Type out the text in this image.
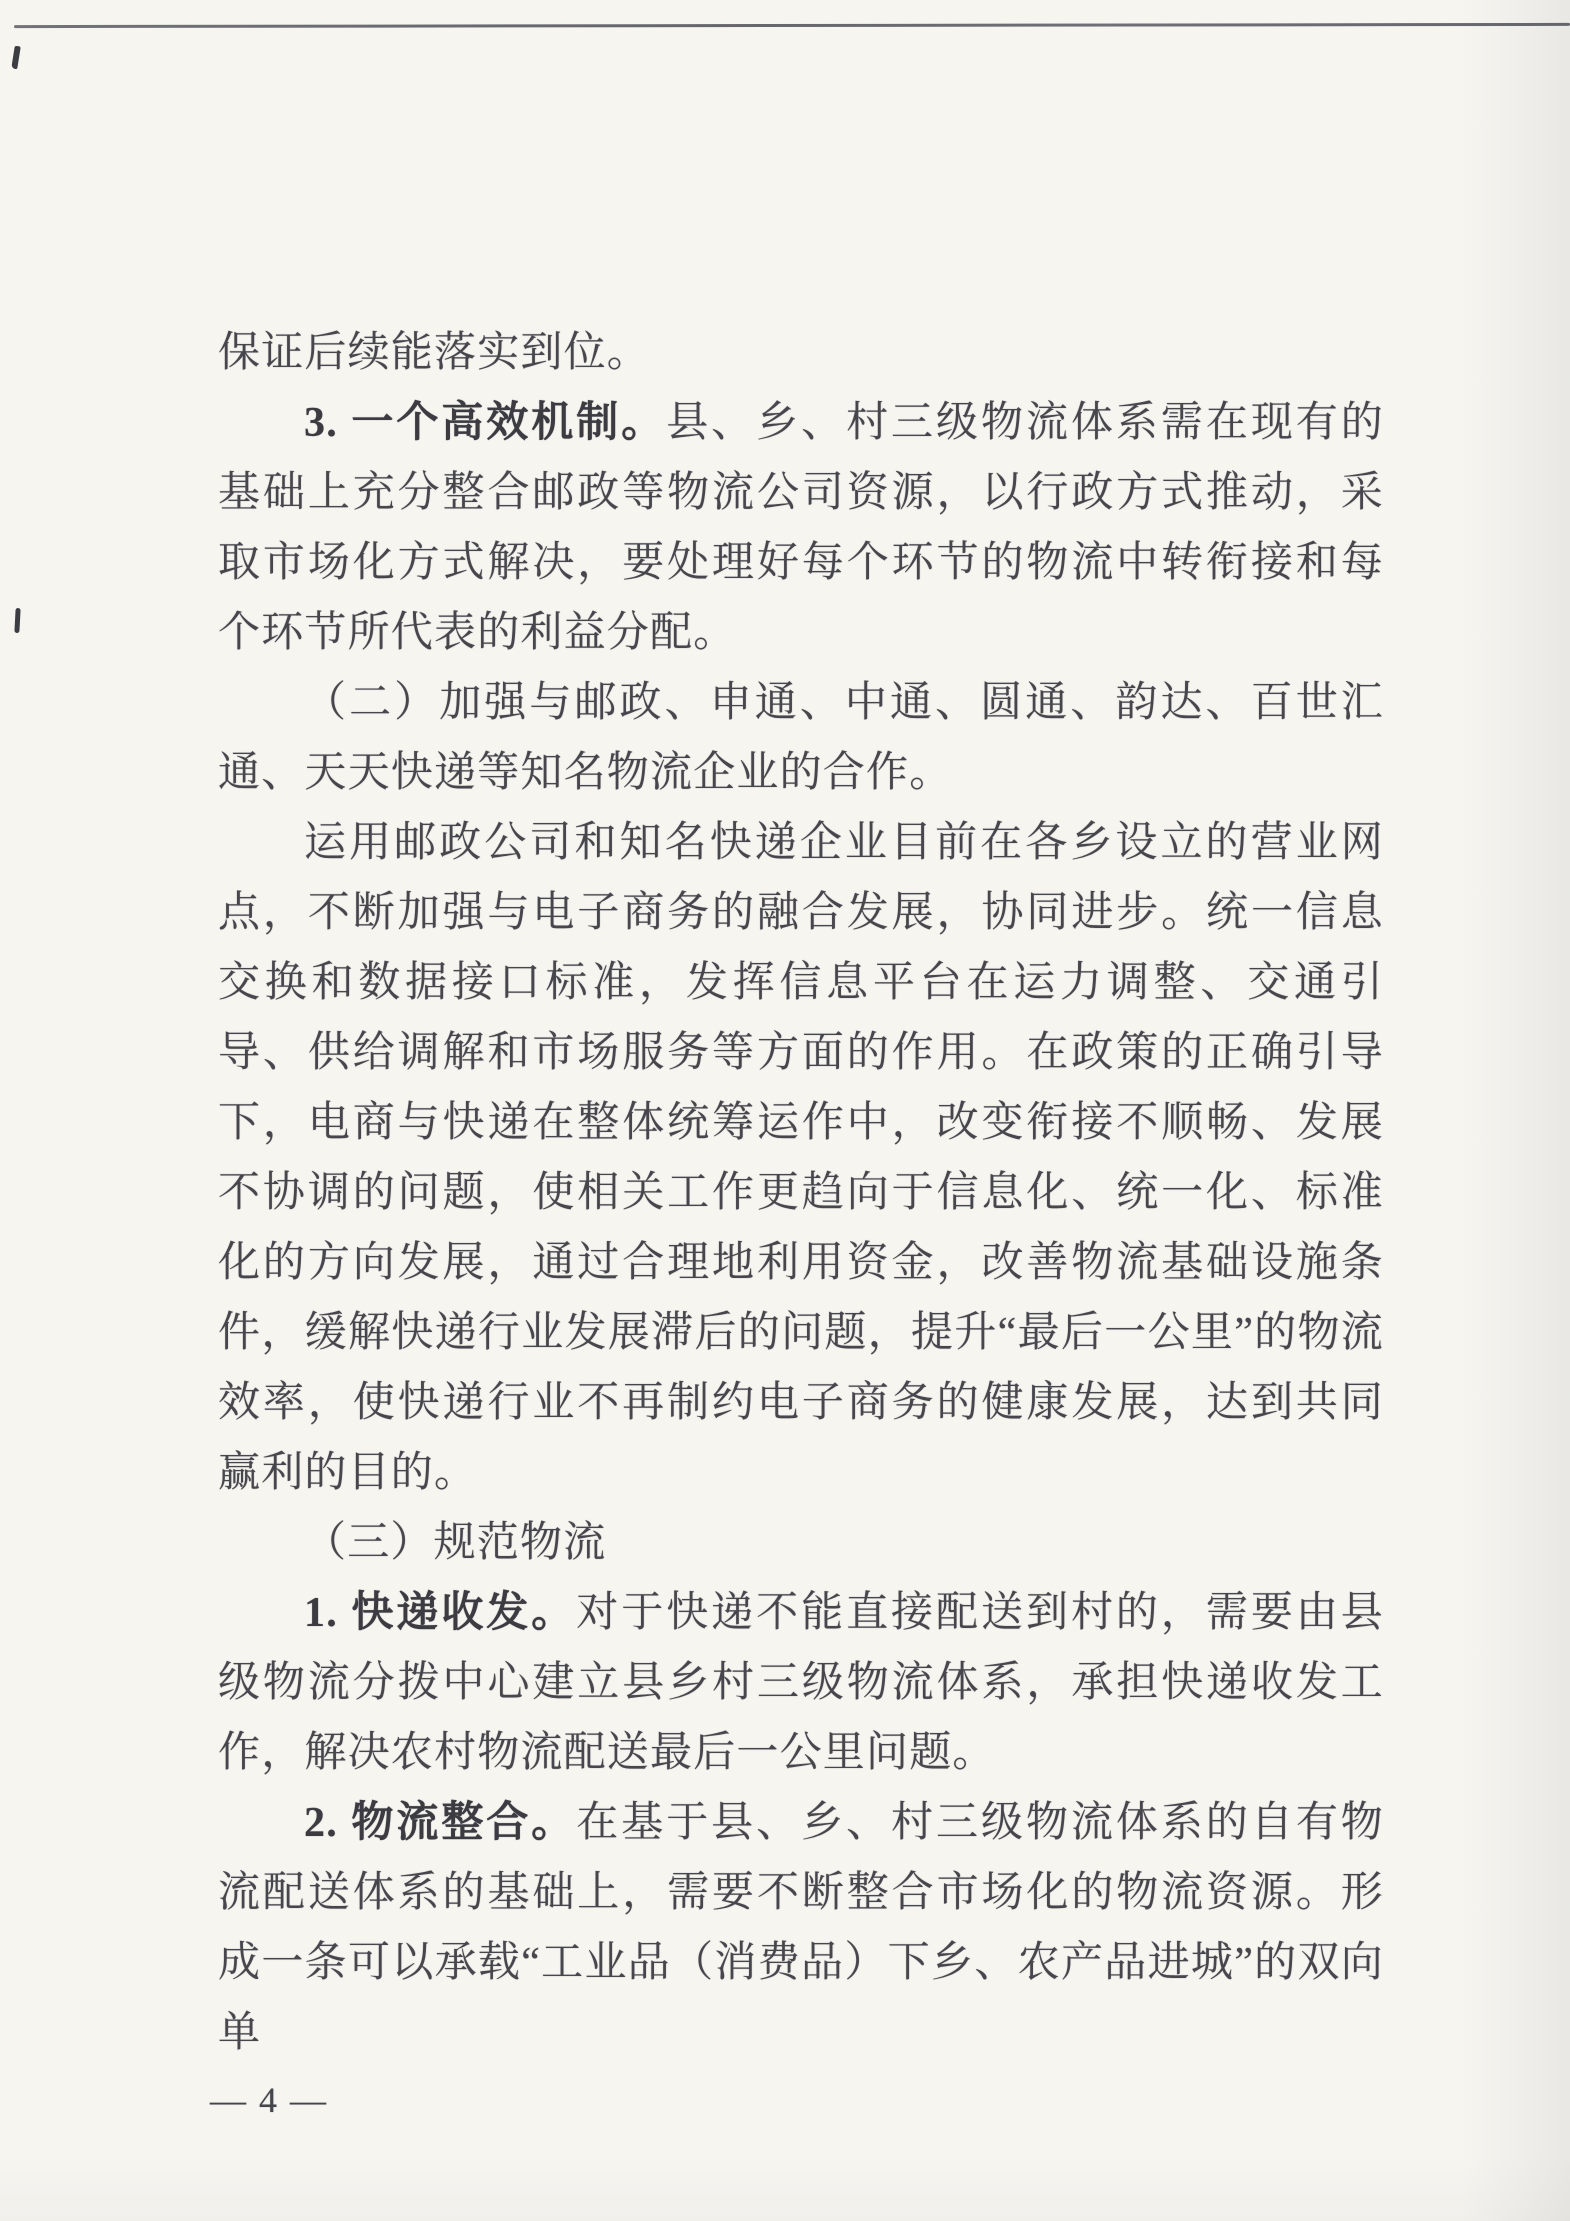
保证后续能落实到位。

3. 一个高效机制。县、乡、村三级物流体系需在现有的基础上充分整合邮政等物流公司资源，以行政方式推动，采取市场化方式解决，要处理好每个环节的物流中转衔接和每个环节所代表的利益分配。

（二）加强与邮政、申通、中通、圆通、韵达、百世汇通、天天快递等知名物流企业的合作。

运用邮政公司和知名快递企业目前在各乡设立的营业网点，不断加强与电子商务的融合发展，协同进步。统一信息交换和数据接口标准，发挥信息平台在运力调整、交通引导、供给调解和市场服务等方面的作用。在政策的正确引导下，电商与快递在整体统筹运作中，改变衔接不顺畅、发展不协调的问题，使相关工作更趋向于信息化、统一化、标准化的方向发展，通过合理地利用资金，改善物流基础设施条件，缓解快递行业发展滞后的问题，提升“最后一公里”的物流效率，使快递行业不再制约电子商务的健康发展，达到共同赢利的目的。

（三）规范物流

1. 快递收发。对于快递不能直接配送到村的，需要由县级物流分拨中心建立县乡村三级物流体系，承担快递收发工作，解决农村物流配送最后一公里问题。

2. 物流整合。在基于县、乡、村三级物流体系的自有物流配送体系的基础上，需要不断整合市场化的物流资源。形成一条可以承载“工业品（消费品）下乡、农产品进城”的双向单

— 4 —
